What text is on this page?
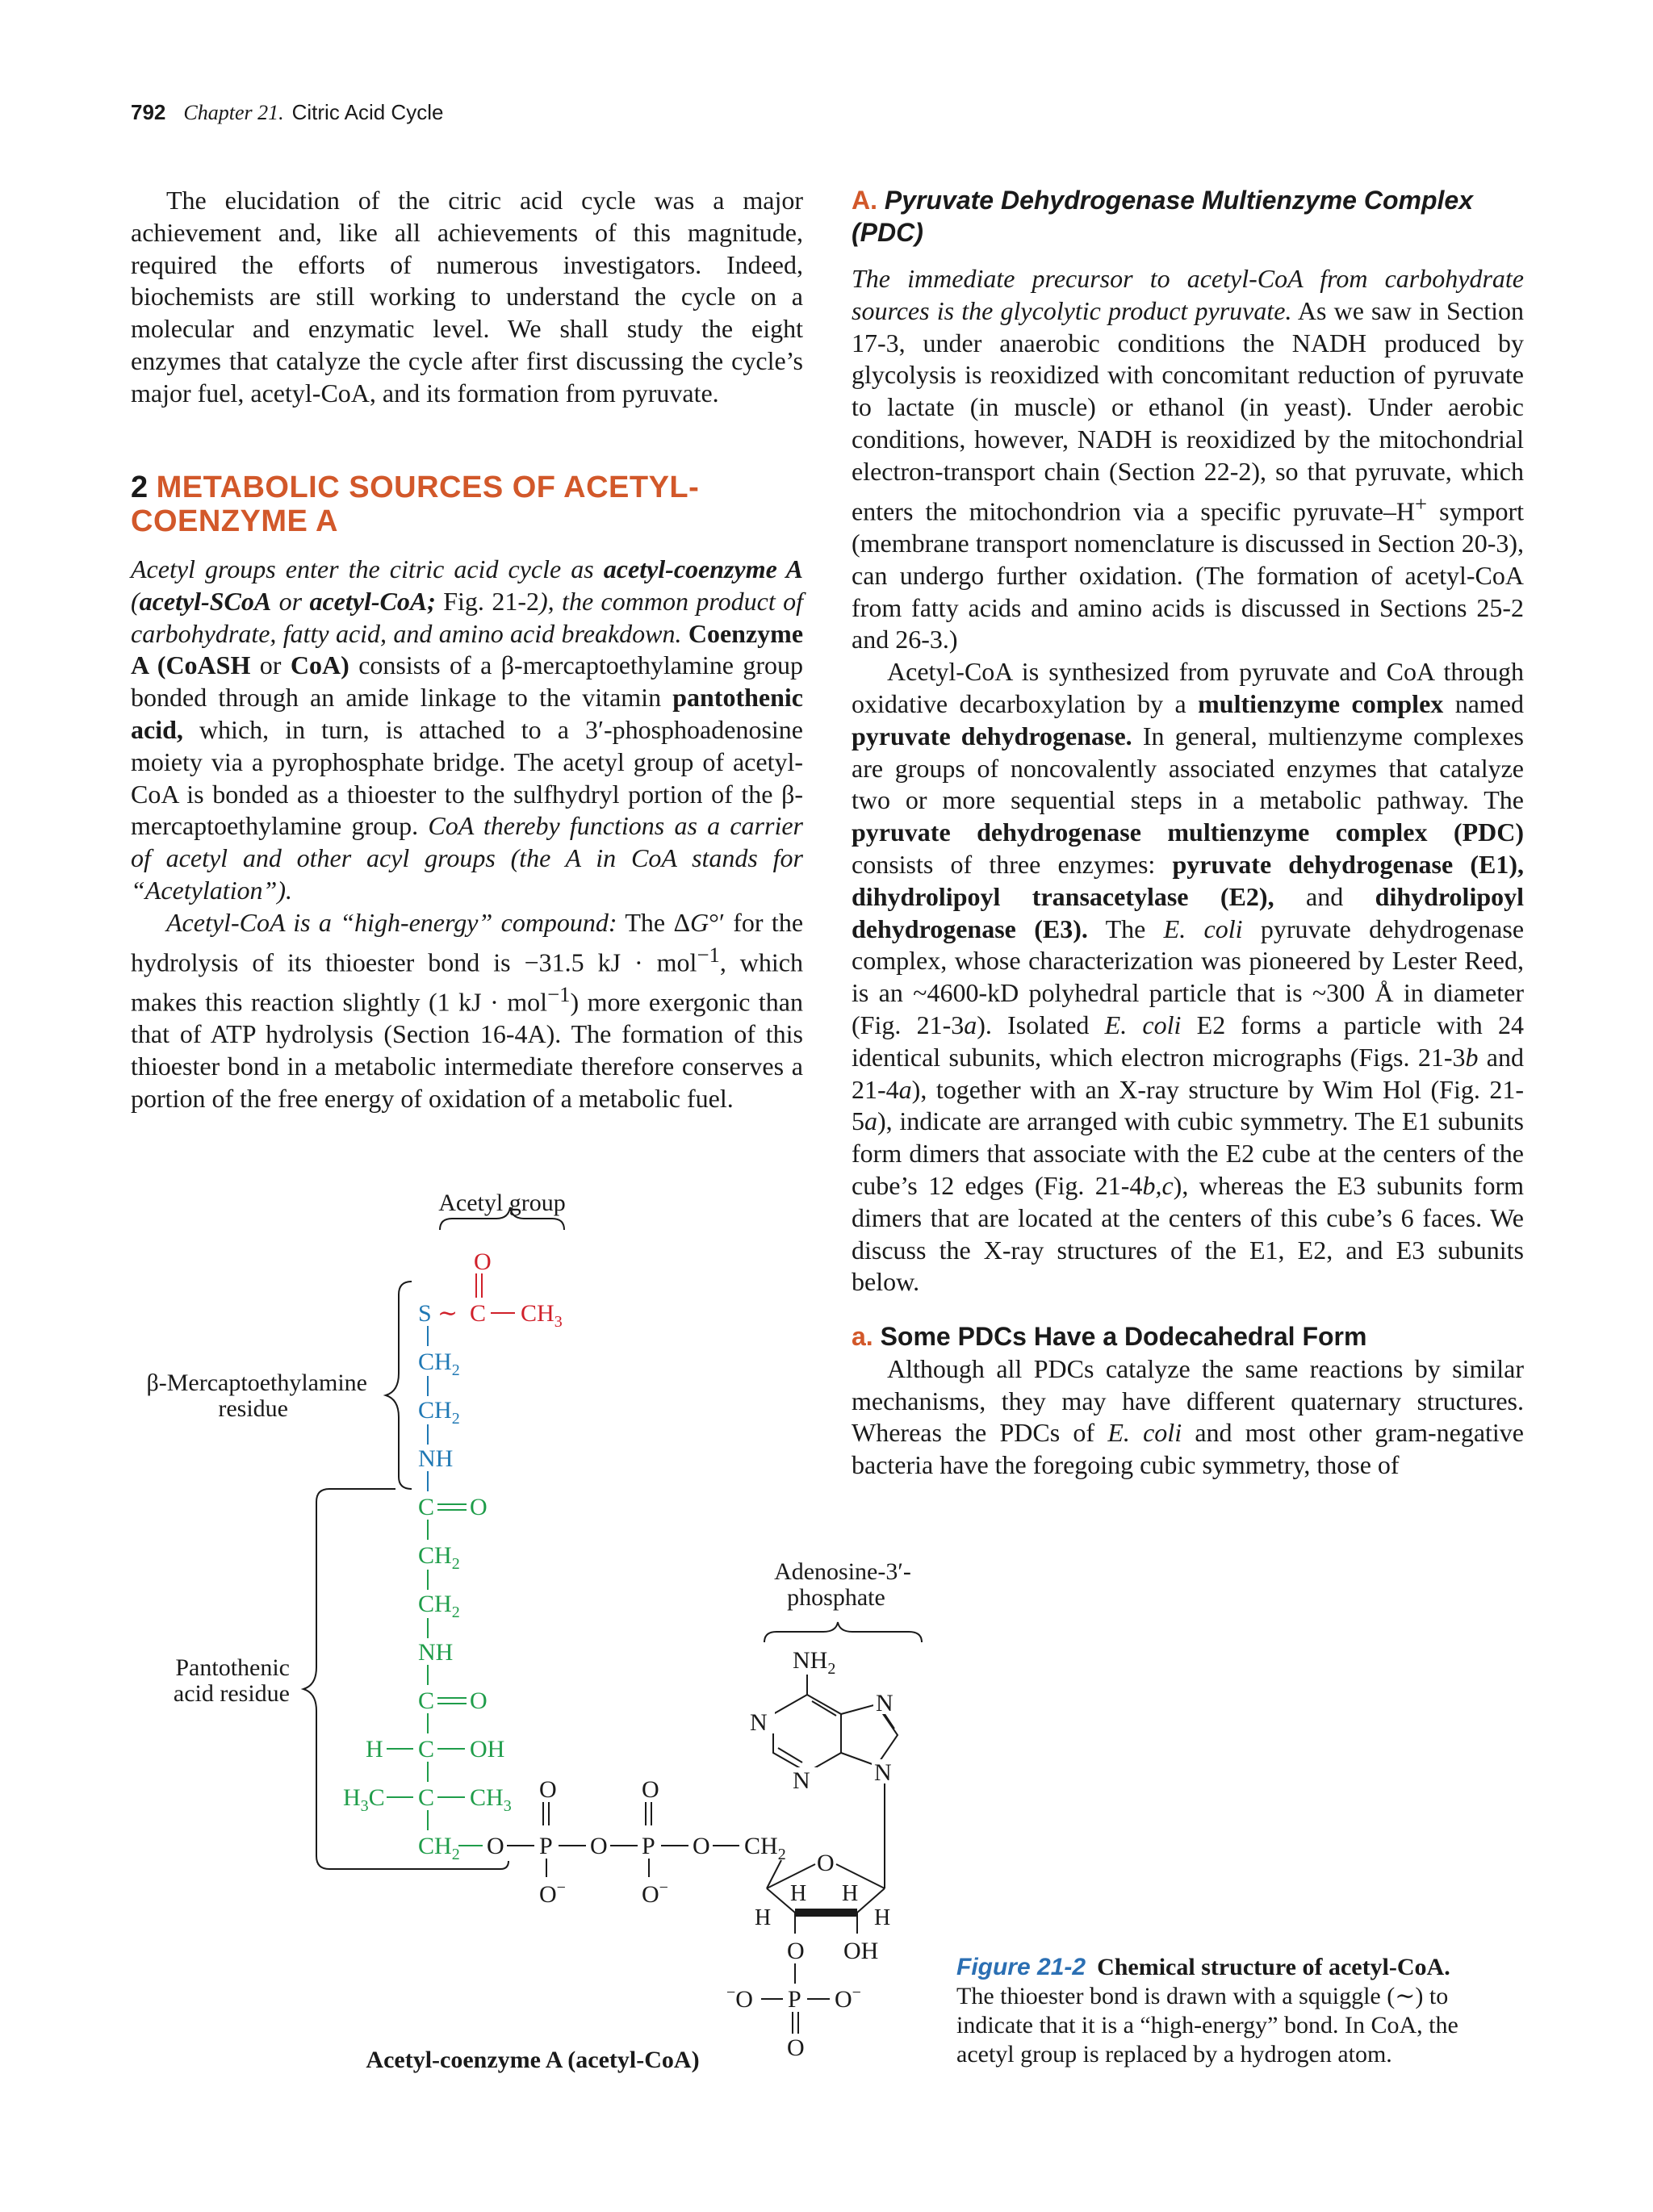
792 Chapter 21. Citric Acid Cycle

The elucidation of the citric acid cycle was a major achievement and, like all achievements of this magnitude, required the efforts of numerous investigators. Indeed, biochemists are still working to understand the cycle on a molecular and enzymatic level. We shall study the eight enzymes that catalyze the cycle after first discussing the cycle’s major fuel, acetyl-CoA, and its formation from pyruvate.

2 METABOLIC SOURCES OF ACETYL-COENZYME A

Acetyl groups enter the citric acid cycle as acetyl-coenzyme A (acetyl-SCoA or acetyl-CoA; Fig. 21-2), the common product of carbohydrate, fatty acid, and amino acid breakdown. Coenzyme A (CoASH or CoA) consists of a β-mercaptoethylamine group bonded through an amide linkage to the vitamin pantothenic acid, which, in turn, is attached to a 3′-phosphoadenosine moiety via a pyrophosphate bridge. The acetyl group of acetyl-CoA is bonded as a thioester to the sulfhydryl portion of the β-mercaptoethylamine group. CoA thereby functions as a carrier of acetyl and other acyl groups (the A in CoA stands for “Acetylation”).

Acetyl-CoA is a “high-energy” compound: The ΔG°′ for the hydrolysis of its thioester bond is −31.5 kJ · mol$^{-1}$, which makes this reaction slightly (1 kJ · mol$^{-1}$) more exergonic than that of ATP hydrolysis (Section 16-4A). The formation of this thioester bond in a metabolic intermediate therefore conserves a portion of the free energy of oxidation of a metabolic fuel.

A. Pyruvate Dehydrogenase Multienzyme Complex (PDC)

The immediate precursor to acetyl-CoA from carbohydrate sources is the glycolytic product pyruvate. As we saw in Section 17-3, under anaerobic conditions the NADH produced by glycolysis is reoxidized with concomitant reduction of pyruvate to lactate (in muscle) or ethanol (in yeast). Under aerobic conditions, however, NADH is reoxidized by the mitochondrial electron-transport chain (Section 22-2), so that pyruvate, which enters the mitochondrion via a specific pyruvate–H+ symport (membrane transport nomenclature is discussed in Section 20-3), can undergo further oxidation. (The formation of acetyl-CoA from fatty acids and amino acids is discussed in Sections 25-2 and 26-3.)

Acetyl-CoA is synthesized from pyruvate and CoA through oxidative decarboxylation by a multienzyme complex named pyruvate dehydrogenase. In general, multienzyme complexes are groups of noncovalently associated enzymes that catalyze two or more sequential steps in a metabolic pathway. The pyruvate dehydrogenase multienzyme complex (PDC) consists of three enzymes: pyruvate dehydrogenase (E1), dihydrolipoyl transacetylase (E2), and dihydrolipoyl dehydrogenase (E3). The E. coli pyruvate dehydrogenase complex, whose characterization was pioneered by Lester Reed, is an ~4600-kD polyhedral particle that is ~300 Å in diameter (Fig. 21-3a). Isolated E. coli E2 forms a particle with 24 identical subunits, which electron micrographs (Figs. 21-3b and 21-4a), together with an X-ray structure by Wim Hol (Fig. 21-5a), indicate are arranged with cubic symmetry. The E1 subunits form dimers that associate with the E2 cube at the centers of the cube’s 12 edges (Fig. 21-4b,c), whereas the E3 subunits form dimers that are located at the centers of this cube’s 6 faces. We discuss the X-ray structures of the E1, E2, and E3 subunits below.

a. Some PDCs Have a Dodecahedral Form

Although all PDCs catalyze the same reactions by similar mechanisms, they may have different quaternary structures. Whereas the PDCs of E. coli and most other gram-negative bacteria have the foregoing cubic symmetry, those of

O
S ∼ C $CH_3$
$CH_2$
$CH_2$
NH
C O
$CH_2$
$CH_2$
NH
C O
H C OH
$H_3C$ C $CH_3$
$CH_2$ O P O P O $CH_2$
O
O−
O
O−
$NH_2$
N
N
N
N
O
H H
H	H
O OH
−O P O−
O
Acetyl group
β-Mercaptoethylamine
residue
Pantothenic
acid residue
Adenosine-3′-
phosphate
Acetyl-coenzyme A (acetyl-CoA)
Figure 21-2 Chemical structure of acetyl-CoA. The thioester bond is drawn with a squiggle (∼) to indicate that it is a “high-energy” bond. In CoA, the acetyl group is replaced by a hydrogen atom.
